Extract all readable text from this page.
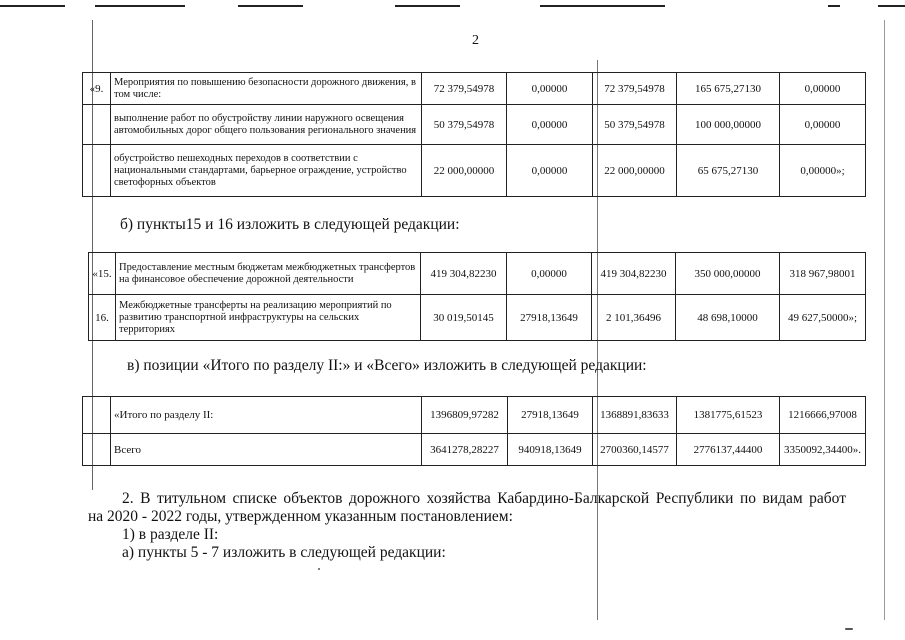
2
«9.	Мероприятия по повышению безопасности дорожного движения, в том числе:	72 379,54978	0,00000	72 379,54978	165 675,27130	0,00000
	выполнение работ по обустройству линии наружного освещения автомобильных дорог общего пользования регионального значения	50 379,54978	0,00000	50 379,54978	100 000,00000	0,00000
	обустройство пешеходных переходов в соответствии с национальными стандартами, барьерное ограждение, устройство светофорных объектов	22 000,00000	0,00000	22 000,00000	65 675,27130	0,00000»;
б) пункты15 и 16 изложить в следующей редакции:
«15.	Предоставление местным бюджетам межбюджетных трансфертов на финансовое обеспечение дорожной деятельности	419 304,82230	0,00000	419 304,82230	350 000,00000	318 967,98001
16.	Межбюджетные трансферты на реализацию мероприятий по развитию транспортной инфраструктуры на сельских территориях	30 019,50145	27918,13649	2 101,36496	48 698,10000	49 627,50000»;
в) позиции «Итого по разделу II:» и «Всего» изложить в следующей редакции:
	«Итого по разделу II:	1396809,97282	27918,13649	1368891,83633	1381775,61523	1216666,97008
	Всего	3641278,28227	940918,13649	2700360,14577	2776137,44400	3350092,34400».
2. В титульном списке объектов дорожного хозяйства Кабардино-Балкарской Республики по видам работ
на 2020 - 2022 годы, утвержденном указанным постановлением:
1) в разделе II:
а) пункты 5 - 7 изложить в следующей редакции:
